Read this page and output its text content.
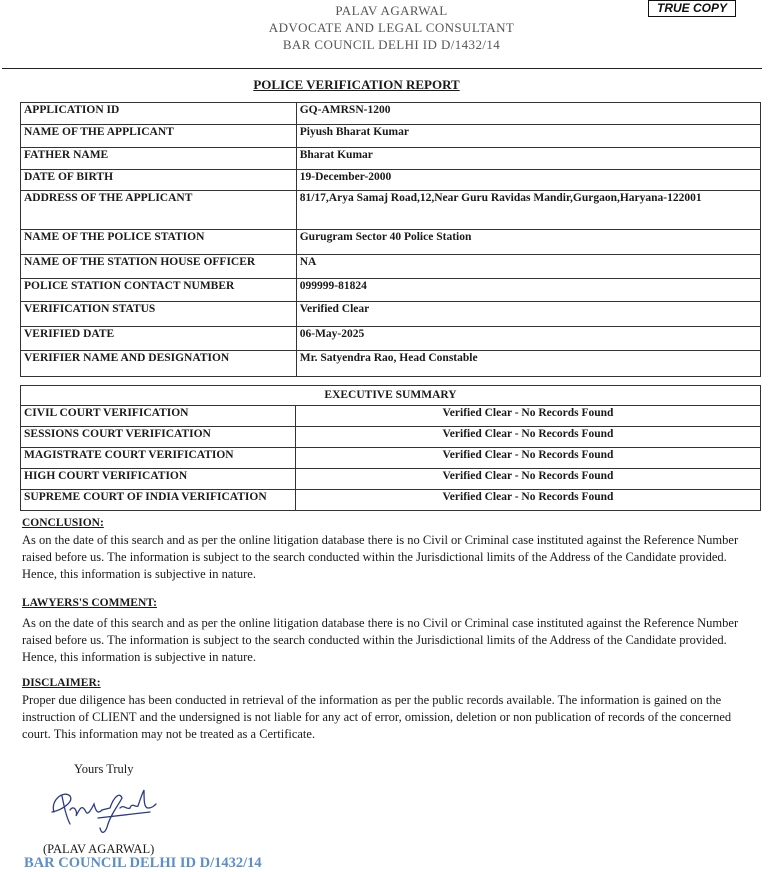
PALAV AGARWAL
ADVOCATE AND LEGAL CONSULTANT
BAR COUNCIL DELHI ID D/1432/14
TRUE COPY
POLICE VERIFICATION REPORT
APPLICATION ID	GQ-AMRSN-1200
NAME OF THE APPLICANT	Piyush Bharat Kumar
FATHER NAME	Bharat Kumar
DATE OF BIRTH	19-December-2000
ADDRESS OF THE APPLICANT	81/17,Arya Samaj Road,12,Near Guru Ravidas Mandir,Gurgaon,Haryana-122001
NAME OF THE POLICE STATION	Gurugram Sector 40 Police Station
NAME OF THE STATION HOUSE OFFICER	NA
POLICE STATION CONTACT NUMBER	099999-81824
VERIFICATION STATUS	Verified Clear
VERIFIED DATE	06-May-2025
VERIFIER NAME AND DESIGNATION	Mr. Satyendra Rao, Head Constable
EXECUTIVE SUMMARY	
CIVIL COURT VERIFICATION	Verified Clear - No Records Found
SESSIONS COURT VERIFICATION	Verified Clear - No Records Found
MAGISTRATE COURT VERIFICATION	Verified Clear - No Records Found
HIGH COURT VERIFICATION	Verified Clear - No Records Found
SUPREME COURT OF INDIA VERIFICATION	Verified Clear - No Records Found
CONCLUSION:
As on the date of this search and as per the online litigation database there is no Civil or Criminal case instituted against the Reference Number raised before us. The information is subject to the search conducted within the Jurisdictional limits of the Address of the Candidate provided. Hence, this information is subjective in nature.
LAWYERS'S COMMENT:
As on the date of this search and as per the online litigation database there is no Civil or Criminal case instituted against the Reference Number raised before us. The information is subject to the search conducted within the Jurisdictional limits of the Address of the Candidate provided. Hence, this information is subjective in nature.
DISCLAIMER:
Proper due diligence has been conducted in retrieval of the information as per the public records available. The information is gained on the instruction of CLIENT and the undersigned is not liable for any act of error, omission, deletion or non publication of records of the concerned court. This information may not be treated as a Certificate.
Yours Truly
(PALAV AGARWAL)
BAR COUNCIL DELHI ID D/1432/14
